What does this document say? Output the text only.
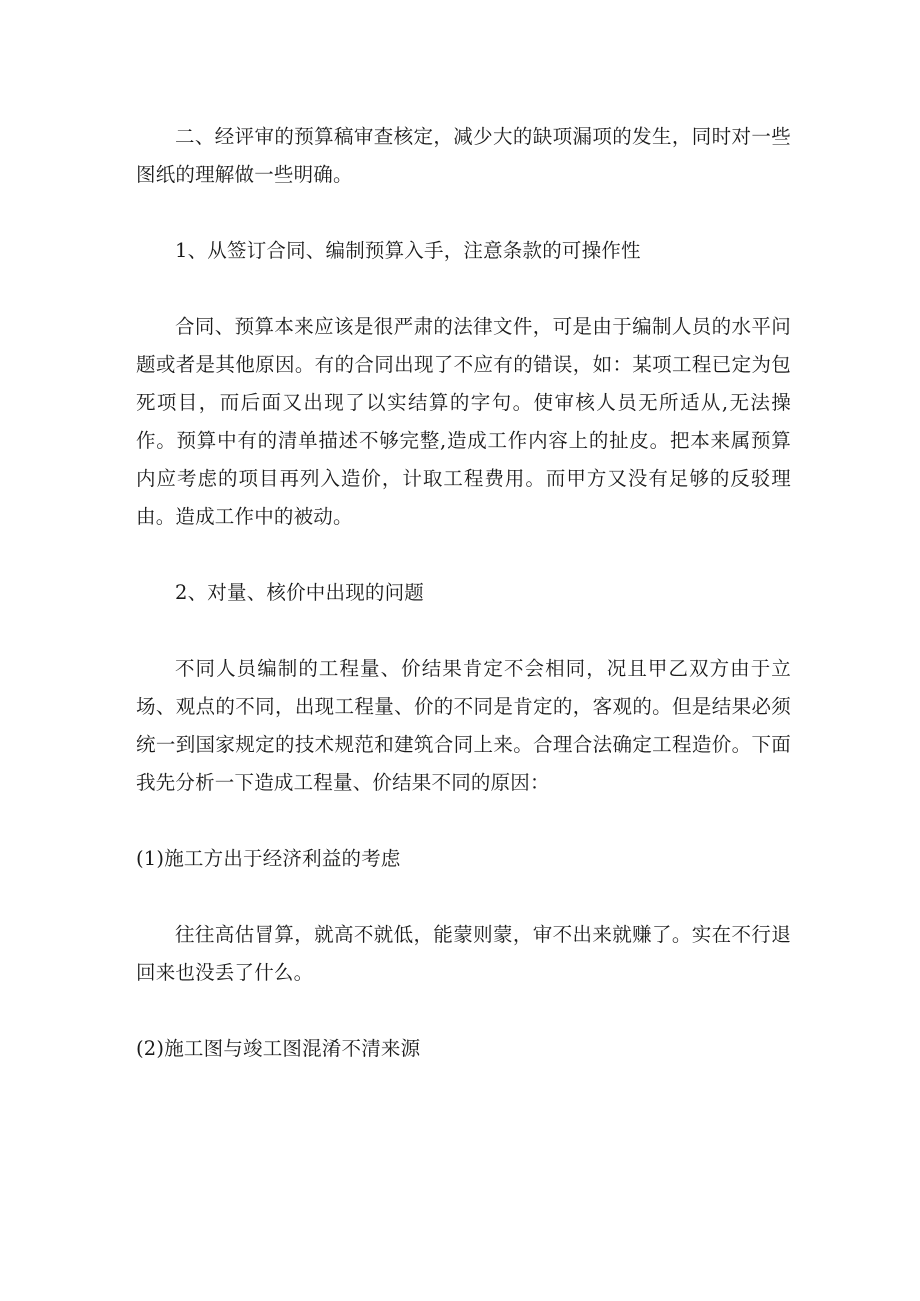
二、经评审的预算稿审查核定，减少大的缺项漏项的发生，同时对一些图纸的理解做一些明确。

1、从签订合同、编制预算入手，注意条款的可操作性

合同、预算本来应该是很严肃的法律文件，可是由于编制人员的水平问题或者是其他原因。有的合同出现了不应有的错误，如：某项工程已定为包死项目，而后面又出现了以实结算的字句。使审核人员无所适从,无法操作。预算中有的清单描述不够完整,造成工作内容上的扯皮。把本来属预算内应考虑的项目再列入造价，计取工程费用。而甲方又没有足够的反驳理由。造成工作中的被动。

2、对量、核价中出现的问题

不同人员编制的工程量、价结果肯定不会相同，况且甲乙双方由于立场、观点的不同，出现工程量、价的不同是肯定的，客观的。但是结果必须统一到国家规定的技术规范和建筑合同上来。合理合法确定工程造价。下面我先分析一下造成工程量、价结果不同的原因：

(1)施工方出于经济利益的考虑

往往高估冒算，就高不就低，能蒙则蒙，审不出来就赚了。实在不行退回来也没丢了什么。

(2)施工图与竣工图混淆不清来源
